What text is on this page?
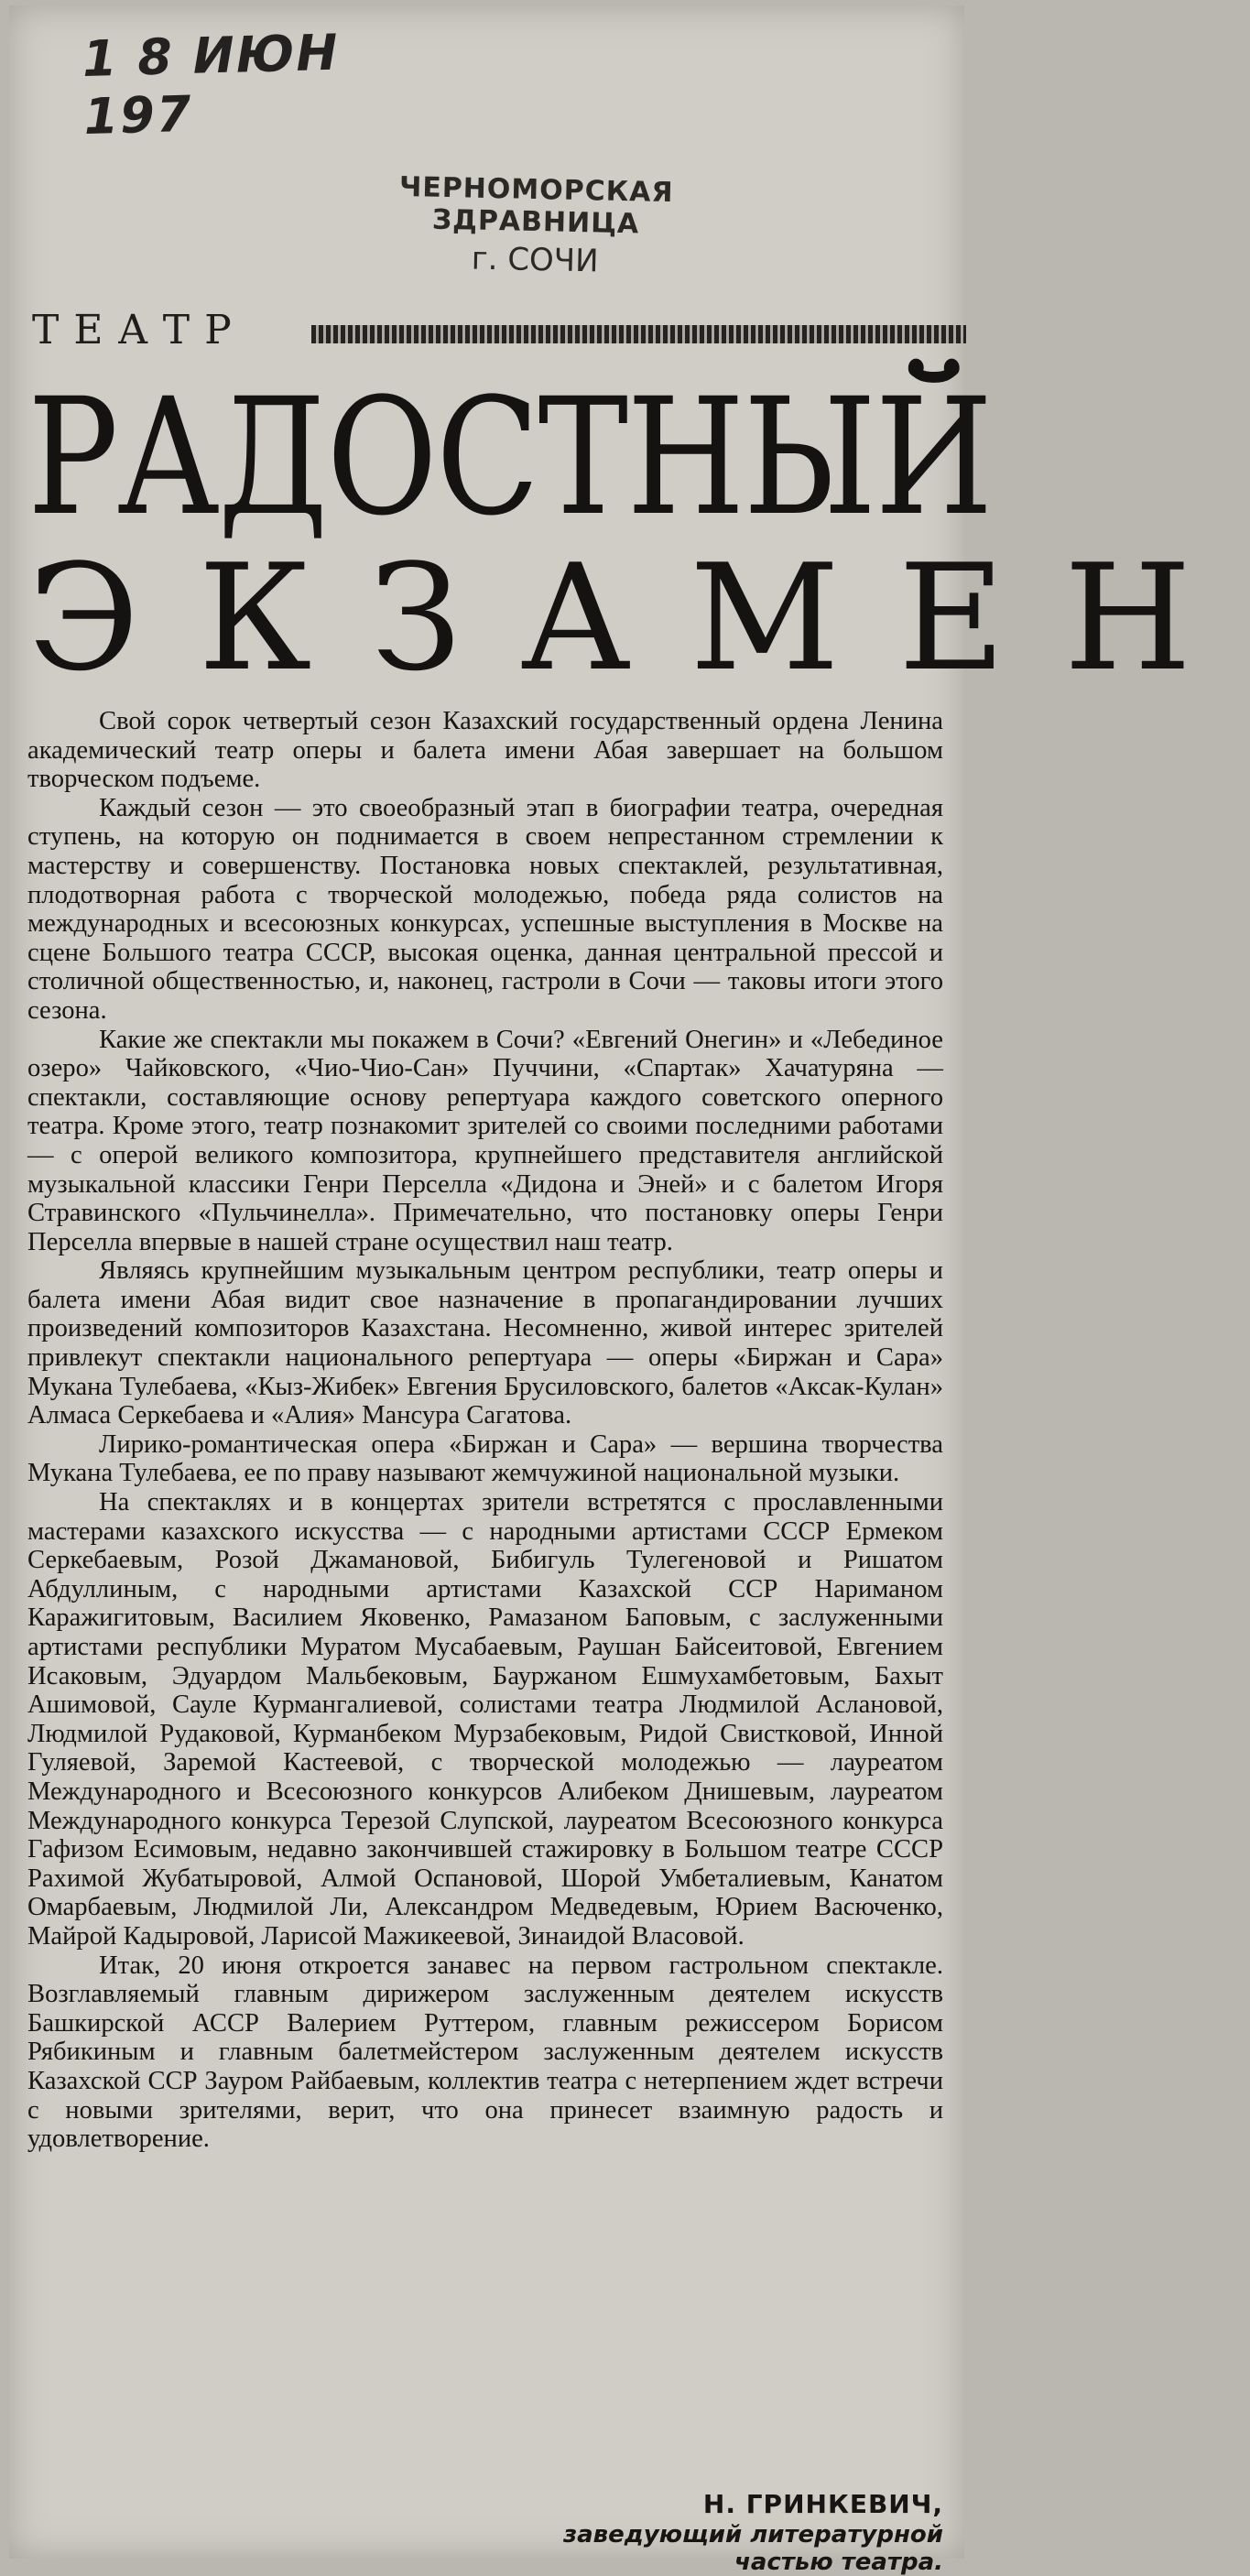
1 8 ИЮН 197
ЧЕРНОМОРСКАЯ ЗДРАВНИЦА
г. СОЧИ
ТЕАТР
РАДОСТНЫЙ
ЭКЗАМЕН

Свой сорок четвертый сезон Казахский государственный ордена Ленина академический театр оперы и балета имени Абая завершает на большом творческом подъеме.

Каждый сезон — это своеобразный этап в биографии театра, очередная ступень, на которую он поднимается в своем непрестанном стремлении к мастерству и совершенству. Постановка новых спектаклей, результативная, плодотворная работа с творческой молодежью, победа ряда солистов на международных и всесоюзных конкурсах, успешные выступления в Москве на сцене Большого театра СССР, высокая оценка, данная центральной прессой и столичной общественностью, и, наконец, гастроли в Сочи — таковы итоги этого сезона.

Какие же спектакли мы покажем в Сочи? «Евгений Онегин» и «Лебединое озеро» Чайковского, «Чио-Чио-Сан» Пуччини, «Спартак» Хачатуряна — спектакли, составляющие основу репертуара каждого советского оперного театра. Кроме этого, театр познакомит зрителей со своими последними работами — с оперой великого композитора, крупнейшего представителя английской музыкальной классики Генри Перселла «Дидона и Эней» и с балетом Игоря Стравинского «Пульчинелла». Примечательно, что постановку оперы Генри Перселла впервые в нашей стране осуществил наш театр.

Являясь крупнейшим музыкальным центром республики, театр оперы и балета имени Абая видит свое назначение в пропагандировании лучших произведений композиторов Казахстана. Несомненно, живой интерес зрителей привлекут спектакли национального репертуара — оперы «Биржан и Сара» Мукана Тулебаева, «Кыз-Жибек» Евгения Брусиловского, балетов «Аксак-Кулан» Алмаса Серкебаева и «Алия» Мансура Сагатова.

Лирико-романтическая опера «Биржан и Сара» — вершина творчества Мукана Тулебаева, ее по праву называют жемчужиной национальной музыки.

На спектаклях и в концертах зрители встретятся с прославленными мастерами казахского искусства — с народными артистами СССР Ермеком Серкебаевым, Розой Джамановой, Бибигуль Тулегеновой и Ришатом Абдуллиным, с народными артистами Казахской ССР Нариманом Каражигитовым, Василием Яковенко, Рамазаном Баповым, с заслуженными артистами республики Муратом Мусабаевым, Раушан Байсеитовой, Евгением Исаковым, Эдуардом Мальбековым, Бауржаном Ешмухамбетовым, Бахыт Ашимовой, Сауле Курмангалиевой, солистами театра Людмилой Аслановой, Людмилой Рудаковой, Курманбеком Мурзабековым, Ридой Свистковой, Инной Гуляевой, Заремой Кастеевой, с творческой молодежью — лауреатом Международного и Всесоюзного конкурсов Алибеком Днишевым, лауреатом Международного конкурса Терезой Слупской, лауреатом Всесоюзного конкурса Гафизом Есимовым, недавно закончившей стажировку в Большом театре СССР Рахимой Жубатыровой, Алмой Оспановой, Шорой Умбеталиевым, Канатом Омарбаевым, Людмилой Ли, Александром Медведевым, Юрием Васюченко, Майрой Кадыровой, Ларисой Мажикеевой, Зинаидой Власовой.

Итак, 20 июня откроется занавес на первом гастрольном спектакле. Возглавляемый главным дирижером заслуженным деятелем искусств Башкирской АССР Валерием Руттером, главным режиссером Борисом Рябикиным и главным балетмейстером заслуженным деятелем искусств Казахской ССР Зауром Райбаевым, коллектив театра с нетерпением ждет встречи с новыми зрителями, верит, что она принесет взаимную радость и удовлетворение.

Н. ГРИНКЕВИЧ,
заведующий литературной частью театра.
